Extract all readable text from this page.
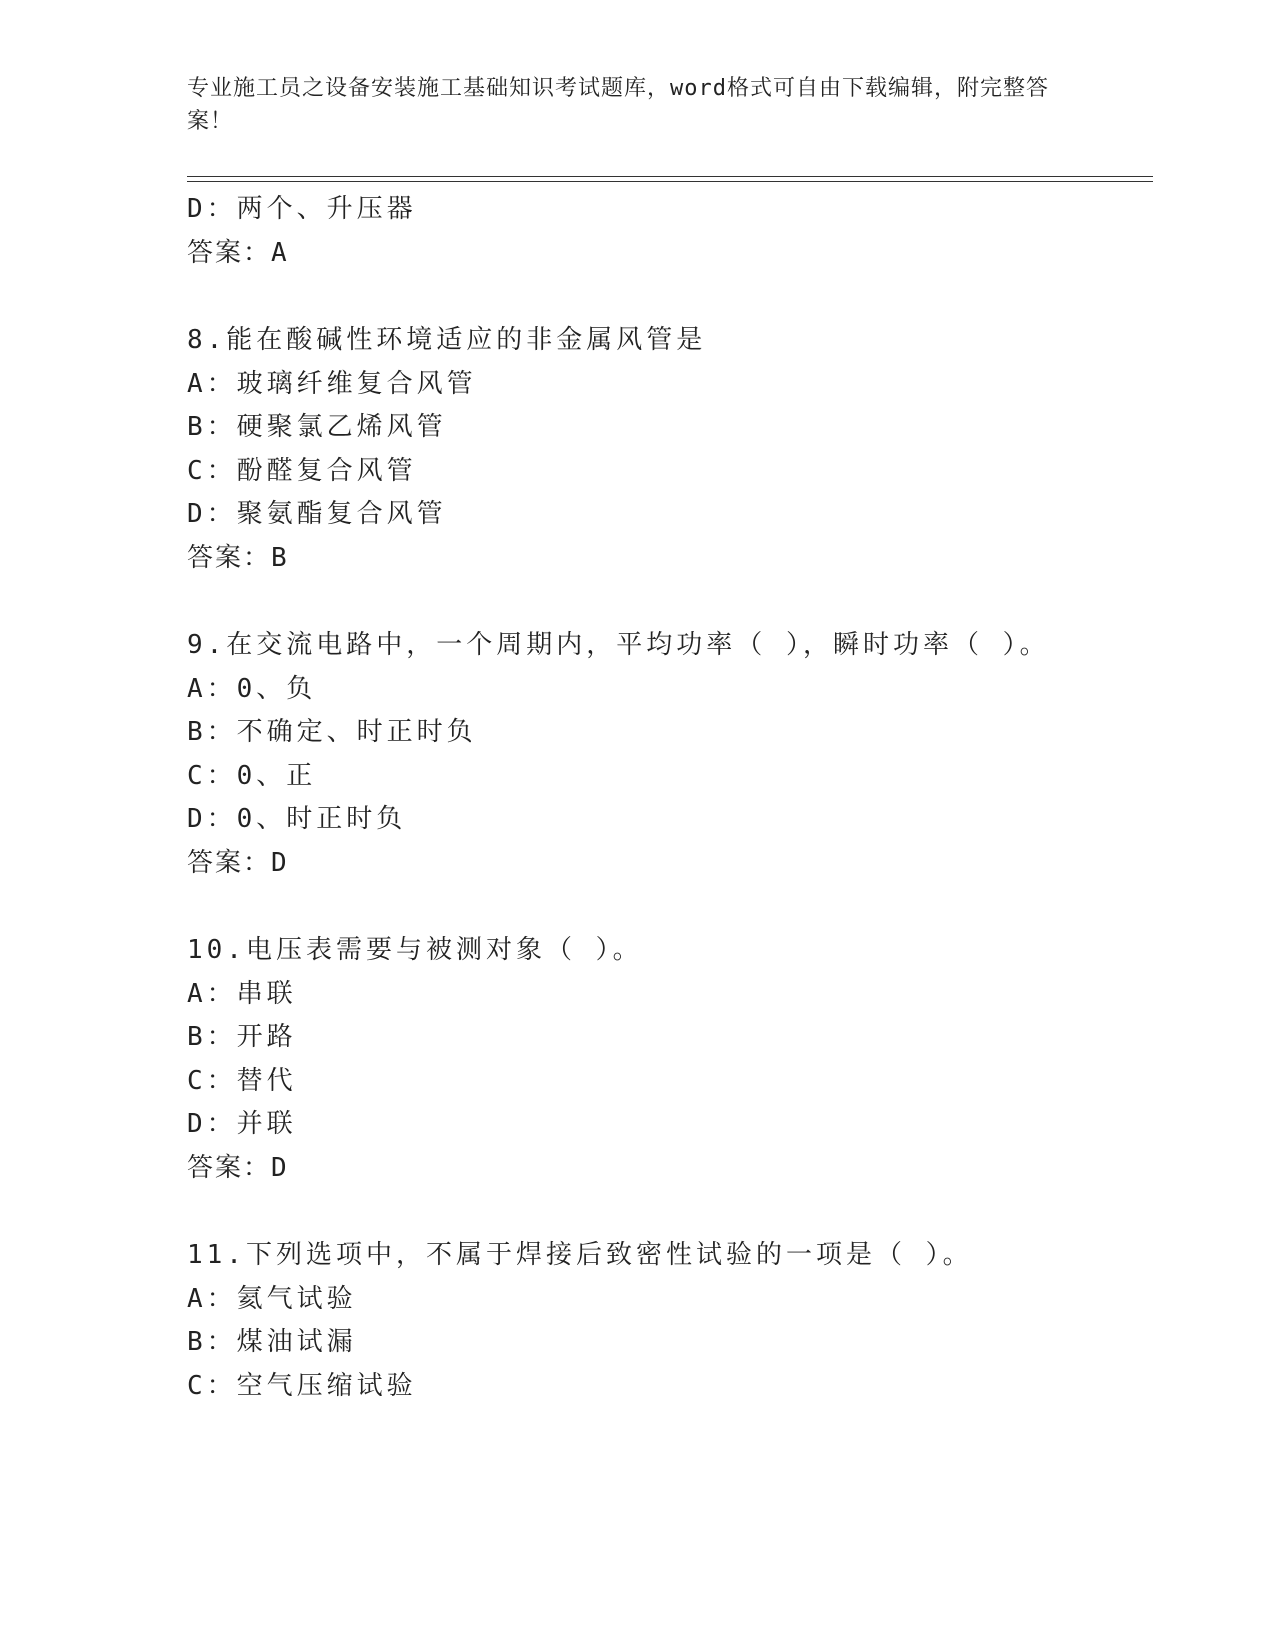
专业施工员之设备安装施工基础知识考试题库，word格式可自由下载编辑，附完整答案！
D：两个、升压器
答案：A
8.能在酸碱性环境适应的非金属风管是
A：玻璃纤维复合风管
B：硬聚氯乙烯风管
C：酚醛复合风管
D：聚氨酯复合风管
答案：B
9.在交流电路中，一个周期内，平均功率（ ），瞬时功率（ ）。
A：0、负
B：不确定、时正时负
C：0、正
D：0、时正时负
答案：D
10.电压表需要与被测对象（ ）。
A：串联
B：开路
C：替代
D：并联
答案：D
11.下列选项中，不属于焊接后致密性试验的一项是（ ）。
A：氦气试验
B：煤油试漏
C：空气压缩试验
